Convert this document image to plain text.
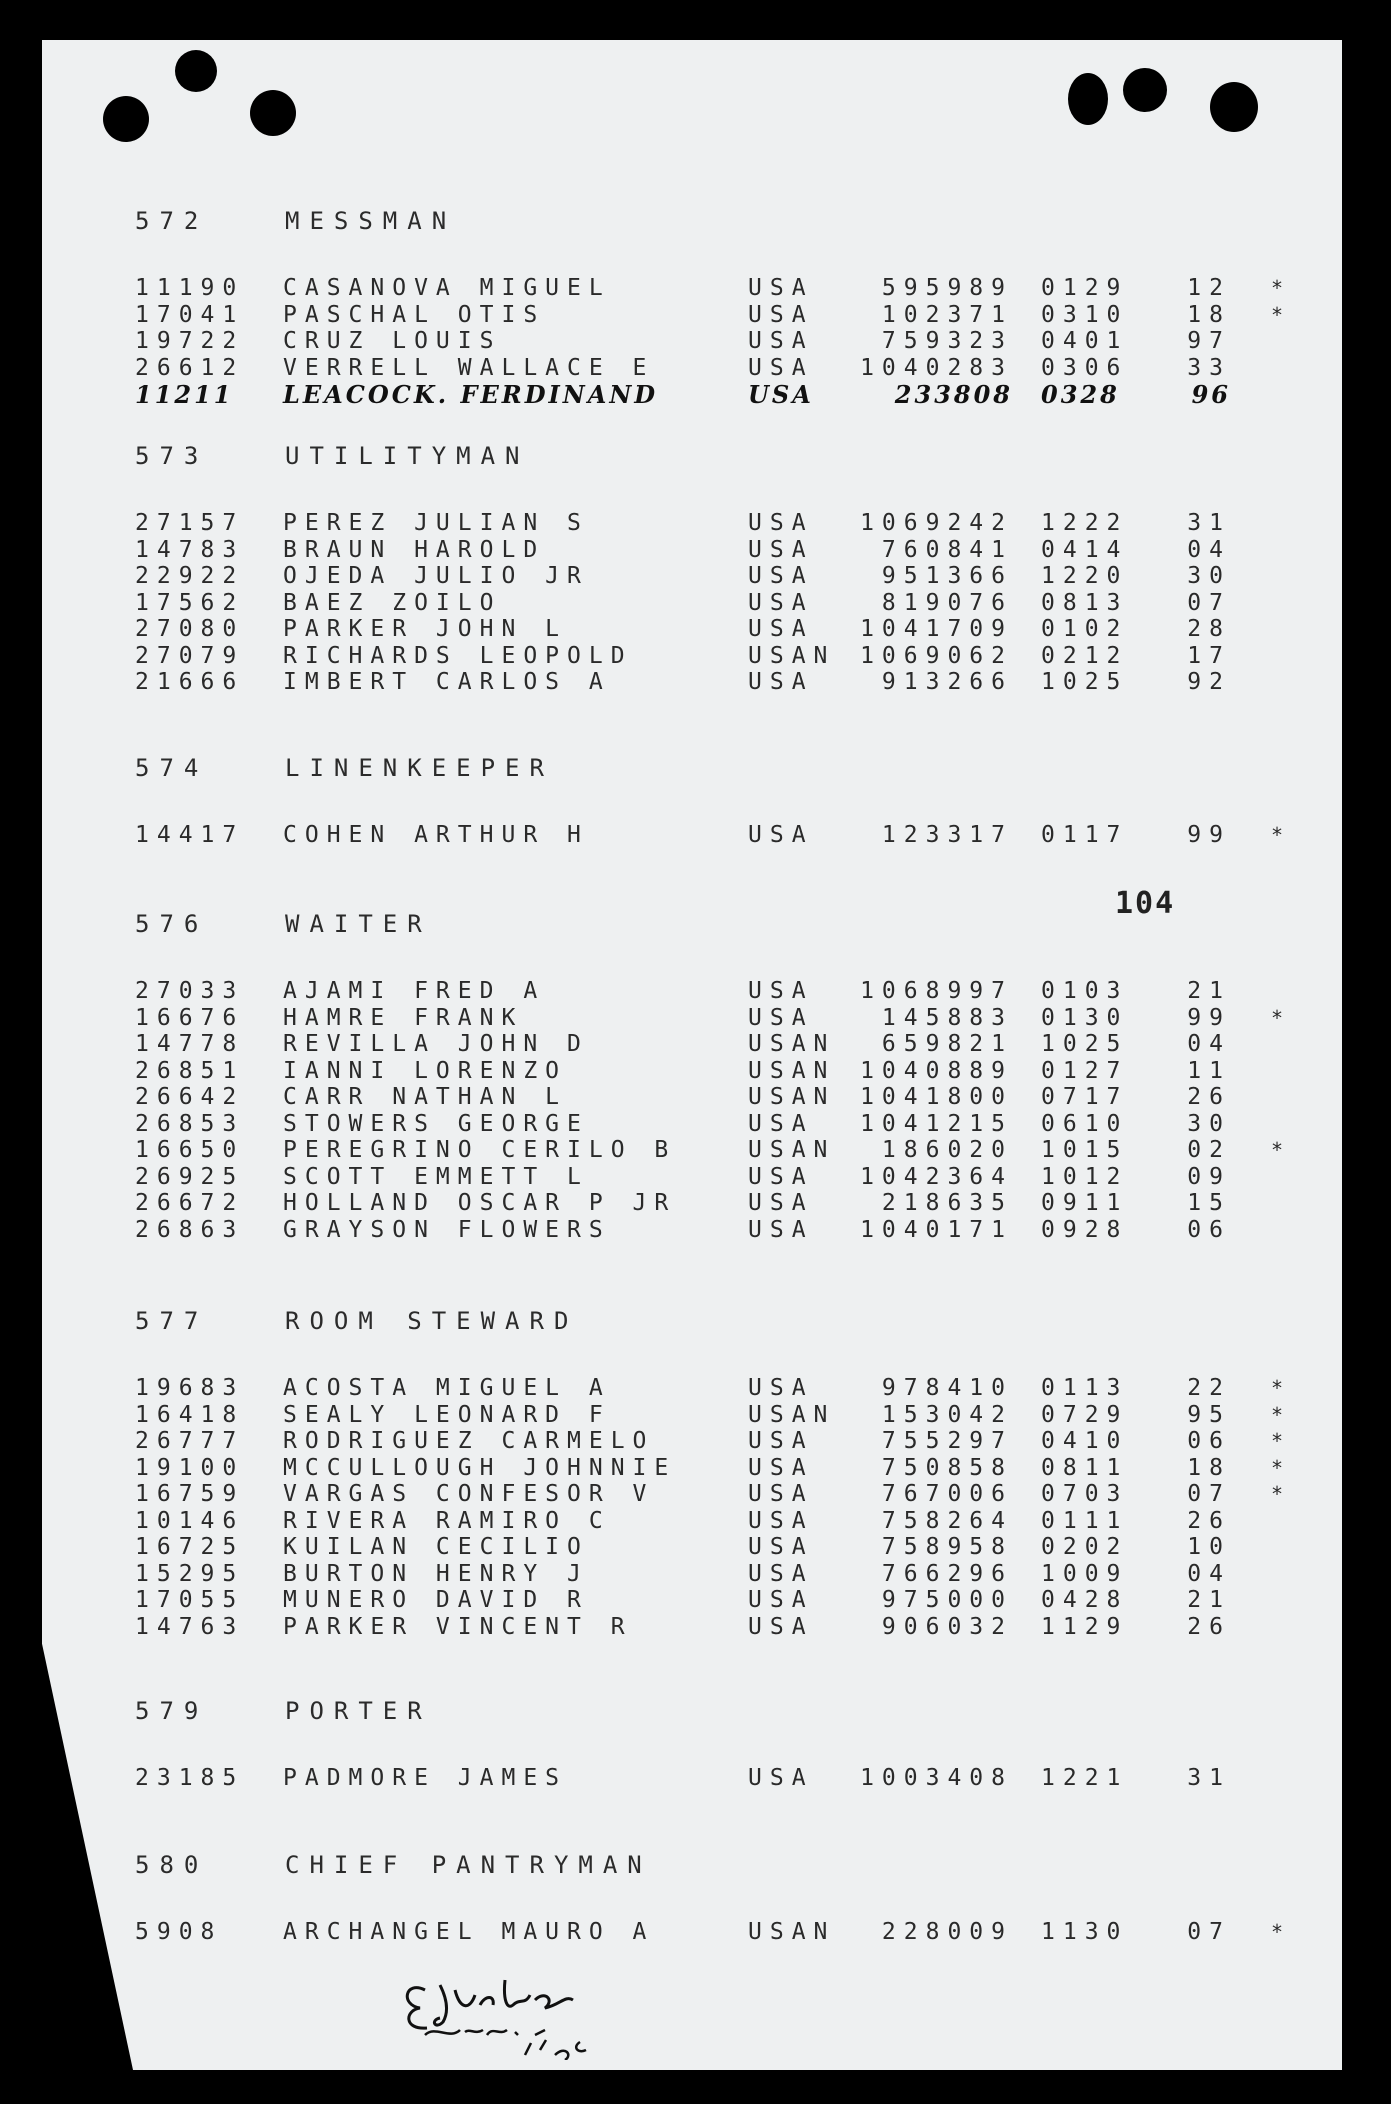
104
572	MESSMAN
11190	CASANOVA MIGUEL	USA	595989	0129	12	*
17041	PASCHAL OTIS	USA	102371	0310	18	*
19722	CRUZ LOUIS	USA	759323	0401	97
26612	VERRELL WALLACE E	USA	1040283	0306	33
11211	LEACOCK. FERDINAND	USA	233808	0328	96
573	UTILITYMAN
27157	PEREZ JULIAN S	USA	1069242	1222	31
14783	BRAUN HAROLD	USA	760841	0414	04
22922	OJEDA JULIO JR	USA	951366	1220	30
17562	BAEZ ZOILO	USA	819076	0813	07
27080	PARKER JOHN L	USA	1041709	0102	28
27079	RICHARDS LEOPOLD	USAN	1069062	0212	17
21666	IMBERT CARLOS A	USA	913266	1025	92
574	LINENKEEPER
14417	COHEN ARTHUR H	USA	123317	0117	99	*
576	WAITER
27033	AJAMI FRED A	USA	1068997	0103	21
16676	HAMRE FRANK	USA	145883	0130	99	*
14778	REVILLA JOHN D	USAN	659821	1025	04
26851	IANNI LORENZO	USAN	1040889	0127	11
26642	CARR NATHAN L	USAN	1041800	0717	26
26853	STOWERS GEORGE	USA	1041215	0610	30
16650	PEREGRINO CERILO B	USAN	186020	1015	02	*
26925	SCOTT EMMETT L	USA	1042364	1012	09
26672	HOLLAND OSCAR P JR	USA	218635	0911	15
26863	GRAYSON FLOWERS	USA	1040171	0928	06
577	ROOM STEWARD
19683	ACOSTA MIGUEL A	USA	978410	0113	22	*
16418	SEALY LEONARD F	USAN	153042	0729	95	*
26777	RODRIGUEZ CARMELO	USA	755297	0410	06	*
19100	MCCULLOUGH JOHNNIE	USA	750858	0811	18	*
16759	VARGAS CONFESOR V	USA	767006	0703	07	*
10146	RIVERA RAMIRO C	USA	758264	0111	26
16725	KUILAN CECILIO	USA	758958	0202	10
15295	BURTON HENRY J	USA	766296	1009	04
17055	MUNERO DAVID R	USA	975000	0428	21
14763	PARKER VINCENT R	USA	906032	1129	26
579	PORTER
23185	PADMORE JAMES	USA	1003408	1221	31
580	CHIEF PANTRYMAN
5908	ARCHANGEL MAURO A	USAN	228009	1130	07	*
